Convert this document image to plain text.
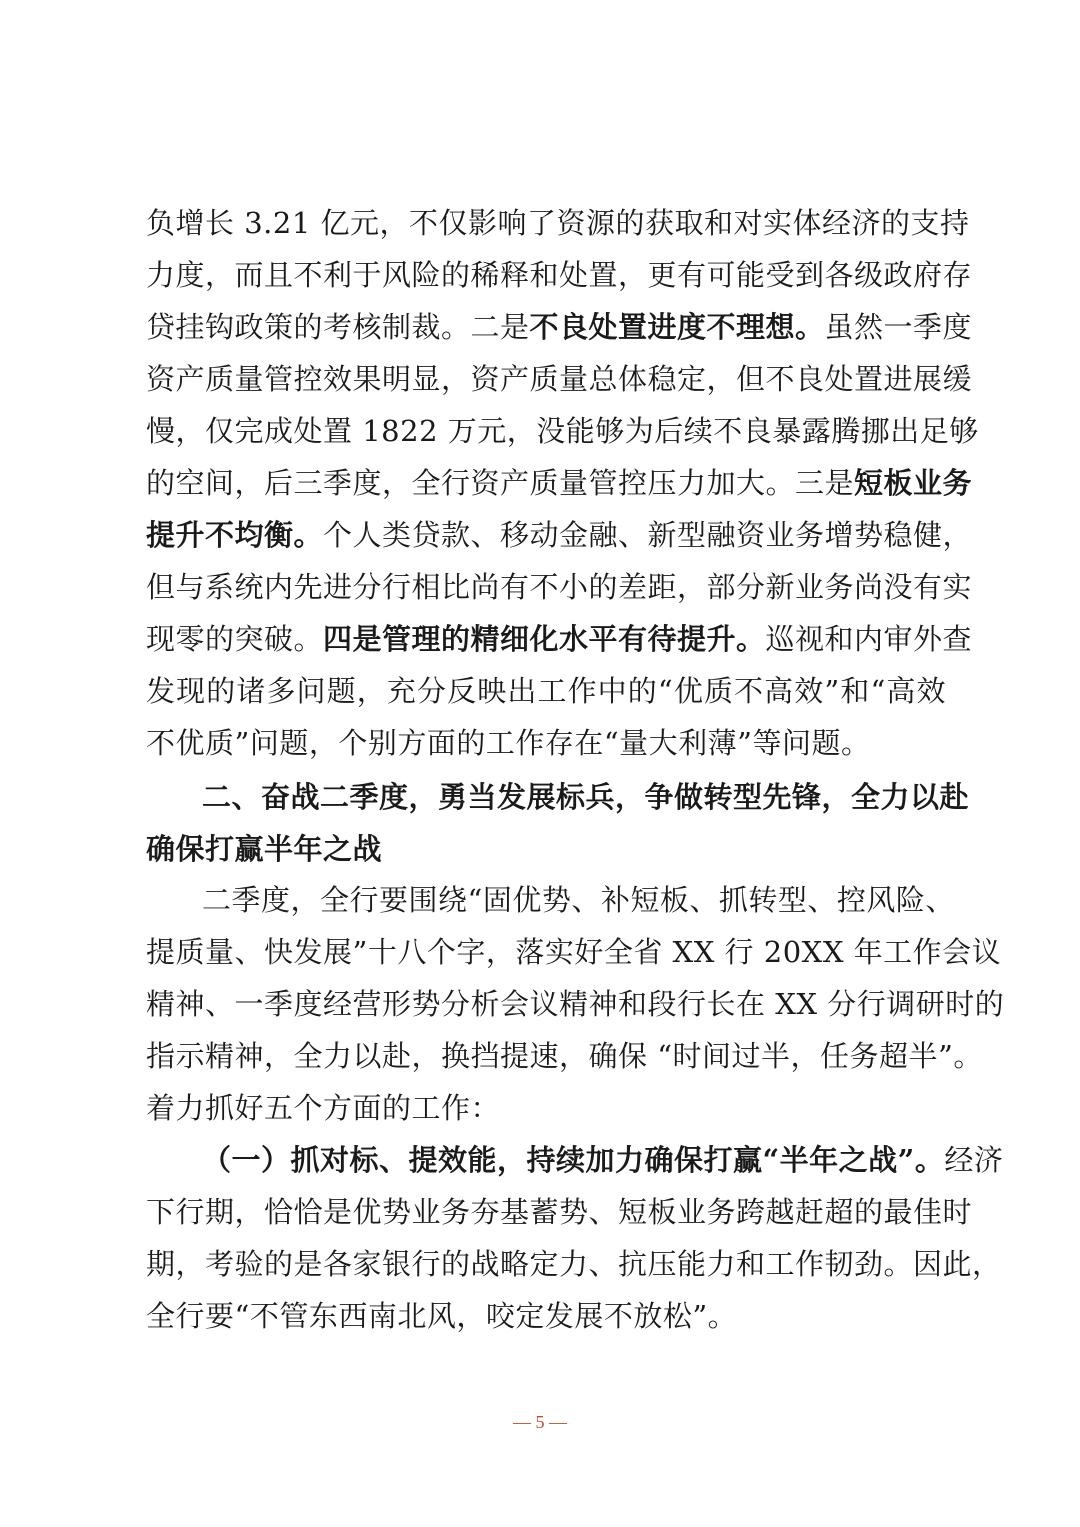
负增长 3.21 亿元，不仅影响了资源的获取和对实体经济的支持
力度，而且不利于风险的稀释和处置，更有可能受到各级政府存
贷挂钩政策的考核制裁。二是不良处置进度不理想。虽然一季度
资产质量管控效果明显，资产质量总体稳定，但不良处置进展缓
慢，仅完成处置 1822 万元，没能够为后续不良暴露腾挪出足够
的空间，后三季度，全行资产质量管控压力加大。三是短板业务
提升不均衡。个人类贷款、移动金融、新型融资业务增势稳健，
但与系统内先进分行相比尚有不小的差距，部分新业务尚没有实
现零的突破。四是管理的精细化水平有待提升。巡视和内审外查
发现的诸多问题，充分反映出工作中的“优质不高效”和“高效
不优质”问题，个别方面的工作存在“量大利薄”等问题。
二、奋战二季度，勇当发展标兵，争做转型先锋，全力以赴
确保打赢半年之战
二季度，全行要围绕“固优势、补短板、抓转型、控风险、
提质量、快发展”十八个字，落实好全省 XX 行 20XX 年工作会议
精神、一季度经营形势分析会议精神和段行长在 XX 分行调研时的
指示精神，全力以赴，换挡提速，确保 “时间过半，任务超半”。
着力抓好五个方面的工作：
（一）抓对标、提效能，持续加力确保打赢“半年之战”。经济
下行期，恰恰是优势业务夯基蓄势、短板业务跨越赶超的最佳时
期，考验的是各家银行的战略定力、抗压能力和工作韧劲。因此，
全行要“不管东西南北风，咬定发展不放松”。
— 5 —
